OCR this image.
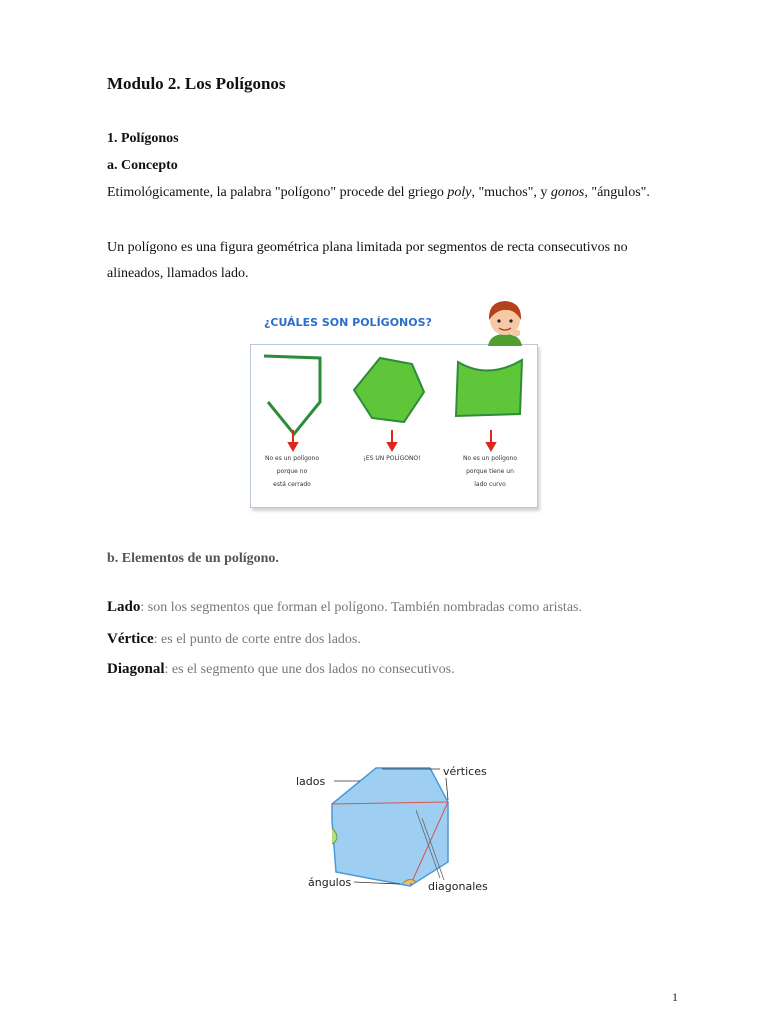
Modulo 2. Los Polígonos
1. Polígonos
a. Concepto
Etimológicamente, la palabra "polígono" procede del griego poly, "muchos", y gonos, "ángulos".
Un polígono es una figura geométrica plana limitada por segmentos de recta consecutivos no alineados, llamados lado.
¿CUÁLES SON POLÍGONOS?
No es un polígono
porque no
está cerrado
¡ES UN POLÍGONO!	No es un polígono
porque tiene un
lado curvo
b. Elementos de un polígono.
Lado: son los segmentos que forman el polígono. También nombradas como aristas.
Vértice: es el punto de corte entre dos lados.
Diagonal: es el segmento que une dos lados no consecutivos.
lados
vértices
ángulos	diagonales
1
